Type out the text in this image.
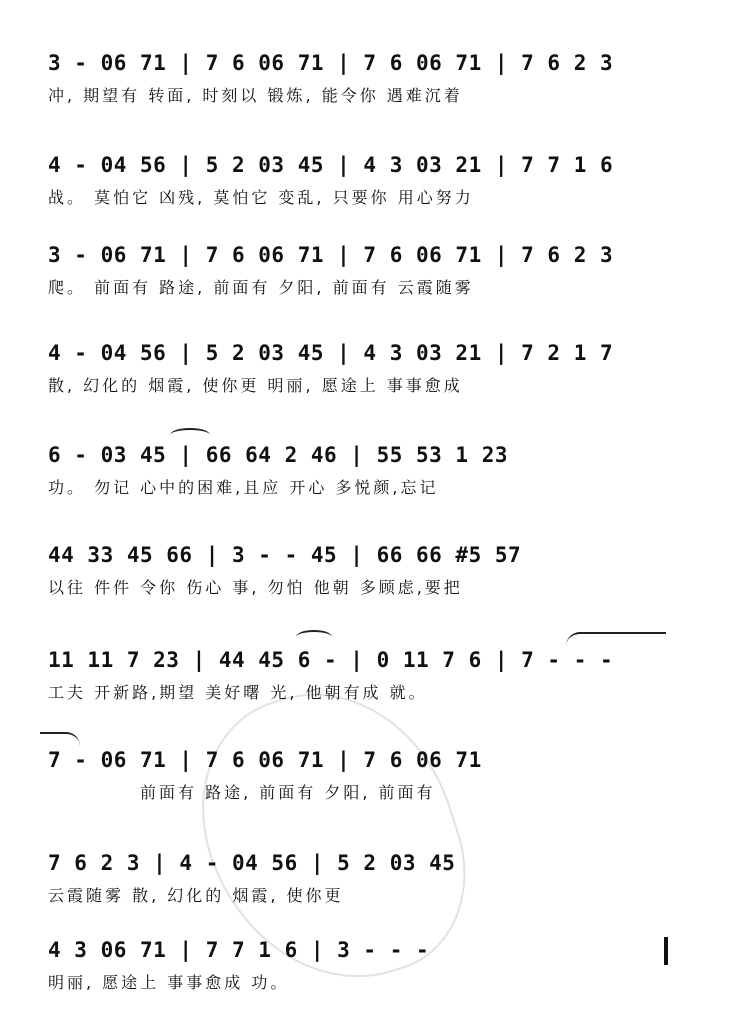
3 - 06 71 | 7 6 06 71 | 7 6 06 71 | 7 6 2 3
冲, 期望有 转面, 时刻以 锻炼, 能令你 遇难沉着
4 - 04 56 | 5 2 03 45 | 4 3 03 21 | 7 7 1 6
战。 莫怕它 凶残, 莫怕它 变乱, 只要你 用心努力
3 - 06 71 | 7 6 06 71 | 7 6 06 71 | 7 6 2 3
爬。 前面有 路途, 前面有 夕阳, 前面有 云霞随雾
4 - 04 56 | 5 2 03 45 | 4 3 03 21 | 7 2 1 7
散, 幻化的 烟霞, 使你更 明丽, 愿途上 事事愈成
6 - 03 45 | 66 64 2 46 | 55 53 1 23
功。 勿记 心中的困难,且应 开心 多悦颜,忘记
44 33 45 66 | 3 - - 45 | 66 66 #5 57
以往 件件 令你 伤心 事, 勿怕 他朝 多顾虑,要把
11 11 7 23 | 44 45 6 - | 0 11 7 6 | 7 - - -
工夫 开新路,期望 美好曙 光, 他朝有成 就。
7 - 06 71 | 7 6 06 71 | 7 6 06 71
前面有 路途, 前面有 夕阳, 前面有
7 6 2 3 | 4 - 04 56 | 5 2 03 45
云霞随雾 散, 幻化的 烟霞, 使你更
4 3 06 71 | 7 7 1 6 | 3 - - -
明丽, 愿途上 事事愈成 功。
